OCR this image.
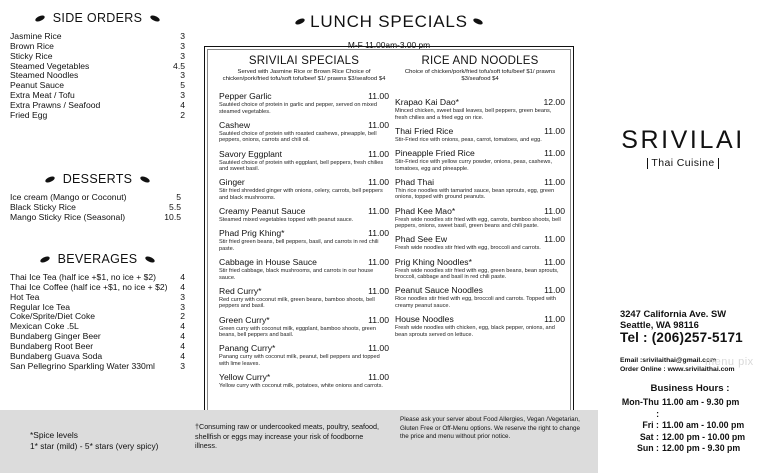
SIDE ORDERS
Jasmine Rice	3
Brown Rice	3
Sticky Rice	3
Steamed Vegetables	4.5
Steamed Noodles	3
Peanut Sauce	5
Extra Meat / Tofu	3
Extra Prawns / Seafood	4
Fried Egg	2
DESSERTS
Ice cream (Mango or Coconut)	5
Black Sticky Rice	5.5
Mango Sticky Rice (Seasonal)	10.5
BEVERAGES
Thai Ice Tea (half ice +$1, no ice + $2)	4
Thai Ice Coffee (half ice +$1, no ice + $2) 4
Hot Tea	3
Regular Ice Tea	3
Coke/Sprite/Diet Coke	2
Mexican Coke .5L	4
Bundaberg Ginger Beer	4
Bundaberg Root Beer	4
Bundaberg Guava Soda	4
San Pellegrino Sparkling Water 330ml	3
LUNCH SPECIALS
M-F 11.00am-3.00 pm
SRIVILAI SPECIALS
Served with Jasmine Rice or Brown Rice Choice of chicken/pork/fried tofu/soft tofu/beef $1/ prawns $3/seafood $4
Pepper Garlic	11.00
Sautéed choice of protein in garlic and pepper, served on mixed steamed vegetables.
Cashew	11.00
Sautéed choice of protein with roasted cashews, pineapple, bell peppers, onions, carrots and chili oil.
Savory Eggplant	11.00
Sautéed choice of protein with eggplant, bell peppers, fresh chilies and sweet basil.
Ginger	11.00
Stir fried shredded ginger with onions, celery, carrots, bell peppers and black mushrooms.
Creamy Peanut Sauce	11.00
Steamed mixed vegetables topped with peanut sauce.
Phad Prig Khing*	11.00
Stir fried green beans, bell peppers, basil, and carrots in red chili paste.
Cabbage in House Sauce	11.00
Stir fried cabbage, black mushrooms, and carrots in our house sauce.
Red Curry*	11.00
Red curry with coconut milk, green beans, bamboo shoots, bell peppers and basil.
Green Curry*	11.00
Green curry with coconut milk, eggplant, bamboo shoots, green beans, bell peppers and basil.
Panang Curry*	11.00
Panang curry with coconut milk, peanut, bell peppers and topped with lime leaves.
Yellow Curry*	11.00
Yellow curry with coconut milk, potatoes, white onions and carrots.
RICE AND NOODLES
Choice of chicken/pork/fried tofu/soft tofu/beef $1/ prawns $3/seafood $4
Krapao Kai Dao*	12.00
Minced chicken, sweet basil leaves, bell peppers, green beans, fresh chilies and a fried egg on rice.
Thai Fried Rice	11.00
Stir-Fried rice with onions, peas, carrot, tomatoes, and egg.
Pineapple Fried Rice	11.00
Stir-Fried rice with yellow curry powder, onions, peas, cashews, tomatoes, egg and pineapple.
Phad Thai	11.00
Thin rice noodles with tamarind sauce, bean sprouts, egg, green onions, topped with ground peanuts.
Phad Kee Mao*	11.00
Fresh wide noodles stir fried with egg, carrots, bamboo shoots, bell peppers, onions, sweet basil, green beans and chili paste.
Phad See Ew	11.00
Fresh wide noodles stir fried with egg, broccoli and carrots.
Prig Khing Noodles*	11.00
Fresh wide noodles stir fried with egg, green beans, bean sprouts, broccoli, cabbage and basil in red chili paste.
Peanut Sauce Noodles	11.00
Rice noodles stir fried with egg, broccoli and carrots. Topped with creamy peanut sauce.
House Noodles	11.00
Fresh wide noodles with chicken, egg, black pepper, onions, and bean sprouts served on lettuce.
SRIVILAI
Thai Cuisine
3247 California Ave. SW
Seattle, WA 98116
Tel : (206)257-5171
Email :srivilaithai@gmail.com
Order Online : www.srivilaithai.com
Business Hours :
Mon-Thu :
11.00 am - 9.30 pm
Fri : 11.00 am - 10.00 pm
Sat : 12.00 pm - 10.00 pm
Sun : 12.00 pm - 9.30 pm
menu pix
*Spice levels
1* star (mild) - 5* stars (very spicy)
†Consuming raw or undercooked meats, poultry, seafood, shellfish or eggs may increase your risk of foodborne illness.
Please ask your server about Food Allergies, Vegan /Vegetarian, Gluten Free or Off-Menu options. We reserve the right to change the price and menu without prior notice.
